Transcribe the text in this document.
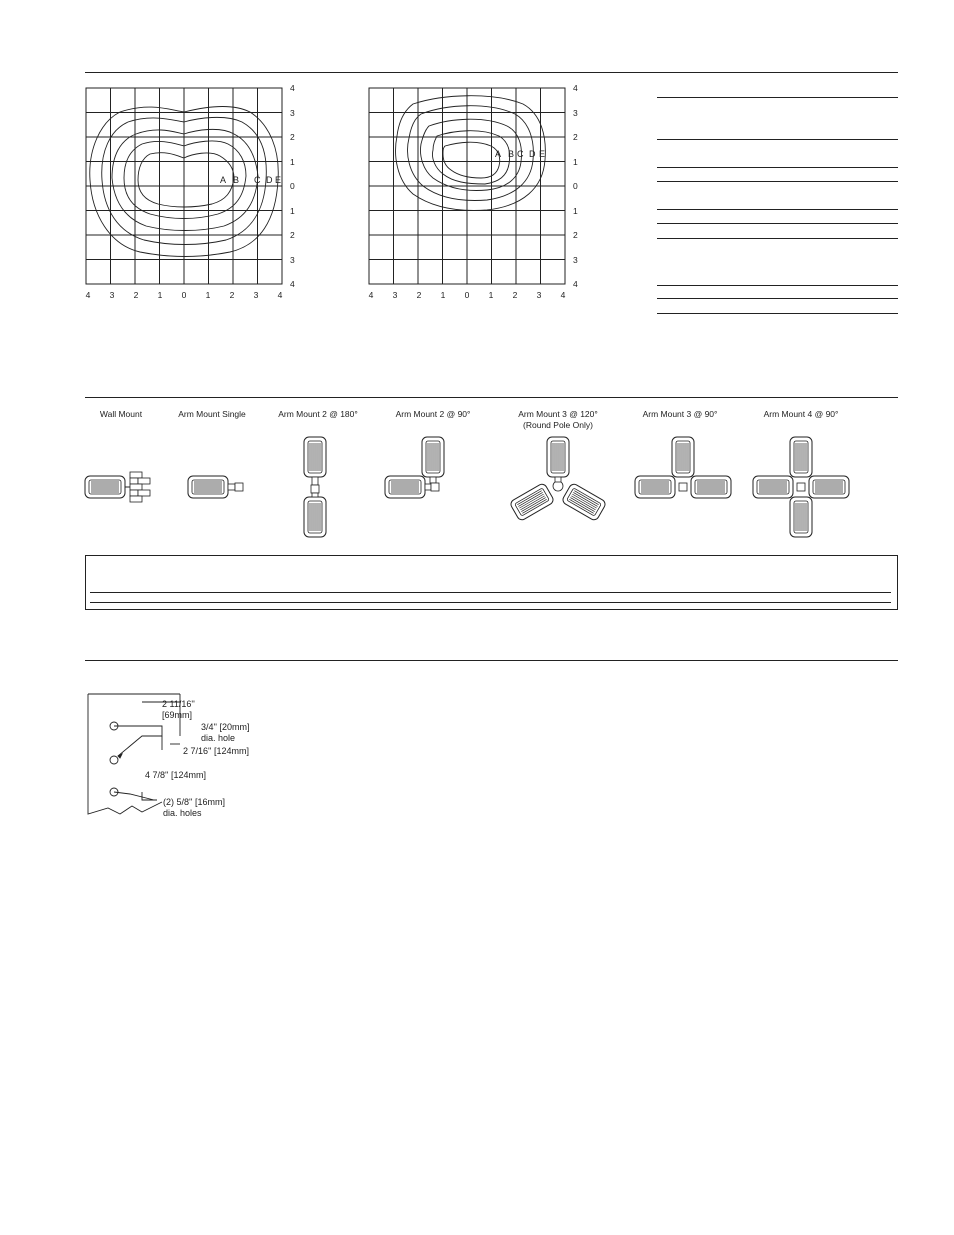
A B C D E
4
3
2
1
0
1
2
3
4
4 3 2 1 0 1 2 3 4
A B C D E
4
3
2
1
0
1
2
3
4
4 3 2 1 0 1 2 3 4
Wall Mount	Arm Mount Single	Arm Mount 2 @ 180°	Arm Mount 2 @ 90°	Arm Mount 3 @ 120°
(Round Pole Only)
Arm Mount 3 @ 90°	Arm Mount 4 @ 90°
2 11/16''
[69mm]
3/4'' [20mm]
dia. hole
2 7/16'' [124mm]
4 7/8'' [124mm]
(2) 5/8'' [16mm]
dia. holes
